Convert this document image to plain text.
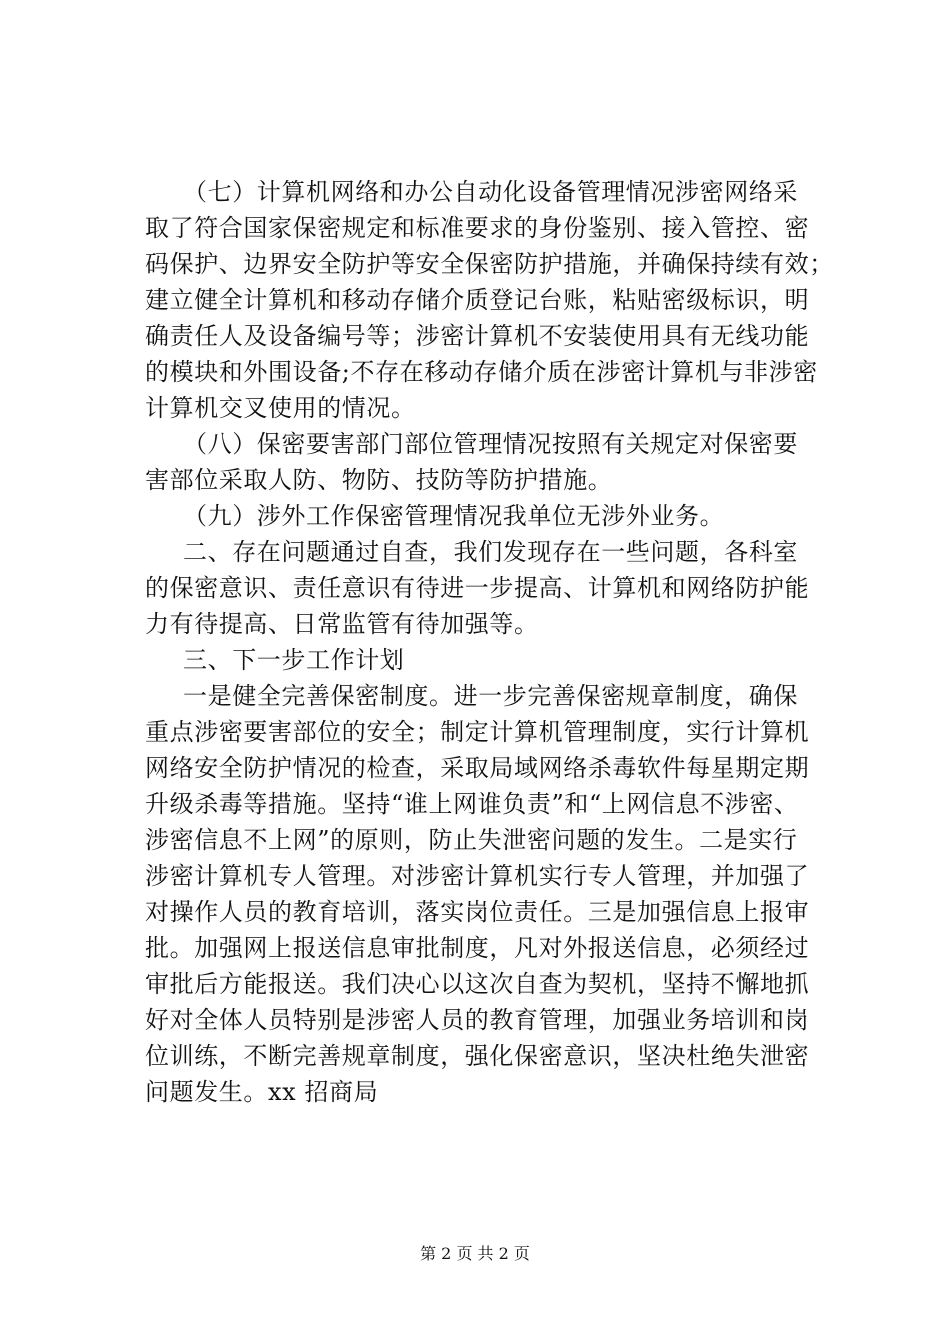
（七）计算机网络和办公自动化设备管理情况涉密网络采
取了符合国家保密规定和标准要求的身份鉴别、接入管控、密
码保护、边界安全防护等安全保密防护措施，并确保持续有效；
建立健全计算机和移动存储介质登记台账，粘贴密级标识，明
确责任人及设备编号等；涉密计算机不安装使用具有无线功能
的模块和外围设备;不存在移动存储介质在涉密计算机与非涉密
计算机交叉使用的情况。
（八）保密要害部门部位管理情况按照有关规定对保密要
害部位采取人防、物防、技防等防护措施。
（九）涉外工作保密管理情况我单位无涉外业务。
二、存在问题通过自查，我们发现存在一些问题，各科室
的保密意识、责任意识有待进一步提高、计算机和网络防护能
力有待提高、日常监管有待加强等。
三、下一步工作计划
一是健全完善保密制度。进一步完善保密规章制度，确保
重点涉密要害部位的安全；制定计算机管理制度，实行计算机
网络安全防护情况的检查，采取局域网络杀毒软件每星期定期
升级杀毒等措施。坚持“谁上网谁负责”和“上网信息不涉密、
涉密信息不上网”的原则，防止失泄密问题的发生。二是实行
涉密计算机专人管理。对涉密计算机实行专人管理，并加强了
对操作人员的教育培训，落实岗位责任。三是加强信息上报审
批。加强网上报送信息审批制度，凡对外报送信息，必须经过
审批后方能报送。我们决心以这次自查为契机，坚持不懈地抓
好对全体人员特别是涉密人员的教育管理，加强业务培训和岗
位训练，不断完善规章制度，强化保密意识，坚决杜绝失泄密
问题发生。xx 招商局
第 2 页 共 2 页
